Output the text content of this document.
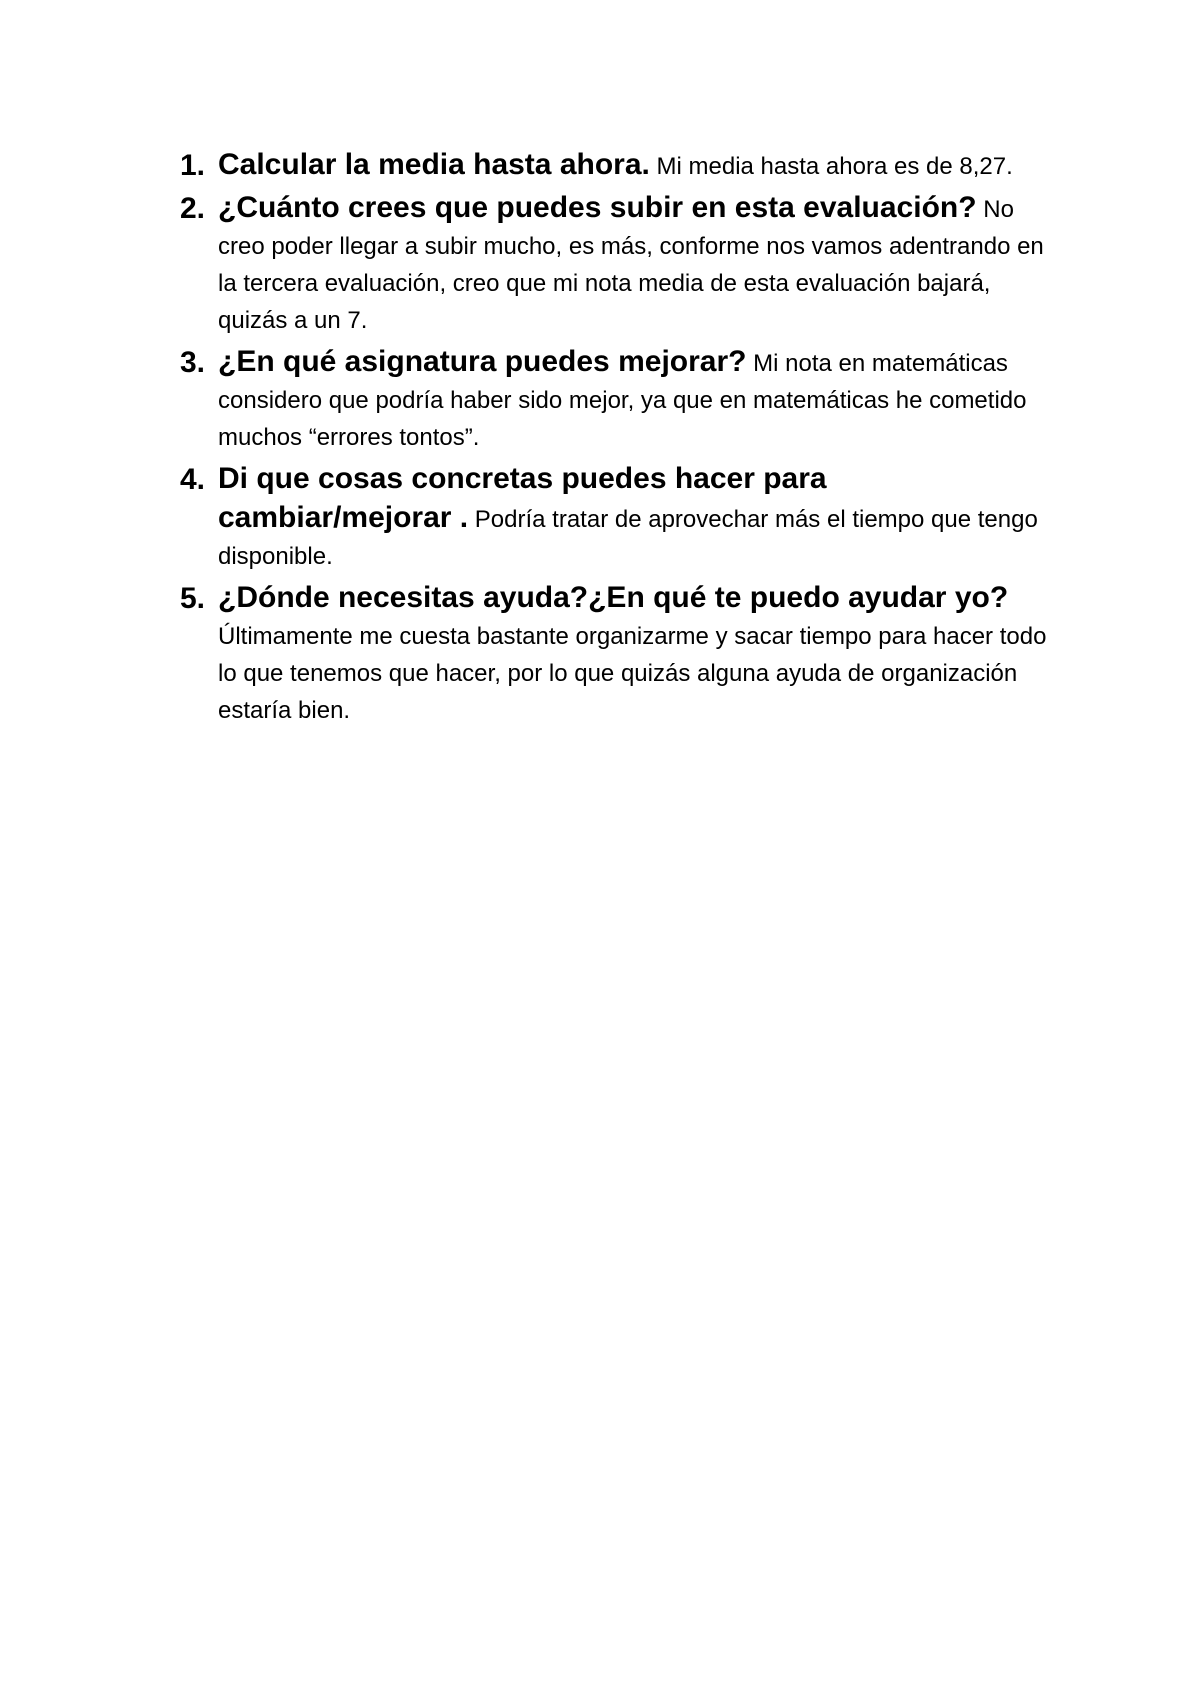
1. Calcular la media hasta ahora. Mi media hasta ahora es de 8,27.
2. ¿Cuánto crees que puedes subir en esta evaluación? No creo poder llegar a subir mucho, es más, conforme nos vamos adentrando en la tercera evaluación, creo que mi nota media de esta evaluación bajará, quizás a un 7.
3. ¿En qué asignatura puedes mejorar? Mi nota en matemáticas considero que podría haber sido mejor, ya que en matemáticas he cometido muchos “errores tontos”.
4. Di que cosas concretas puedes hacer para cambiar/mejorar . Podría tratar de aprovechar más el tiempo que tengo disponible.
5. ¿Dónde necesitas ayuda?¿En qué te puedo ayudar yo? Últimamente me cuesta bastante organizarme y sacar tiempo para hacer todo lo que tenemos que hacer, por lo que quizás alguna ayuda de organización estaría bien.
